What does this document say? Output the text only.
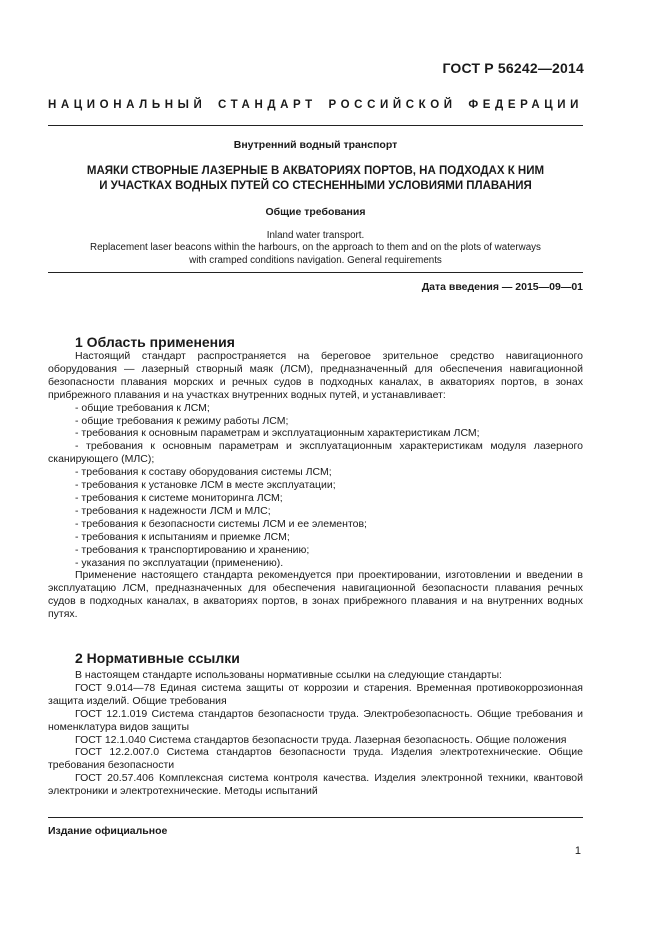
ГОСТ Р 56242—2014
НАЦИОНАЛЬНЫЙ СТАНДАРТ РОССИЙСКОЙ ФЕДЕРАЦИИ
Внутренний водный транспорт
МАЯКИ СТВОРНЫЕ ЛАЗЕРНЫЕ В АКВАТОРИЯХ ПОРТОВ, НА ПОДХОДАХ К НИМ
И УЧАСТКАХ ВОДНЫХ ПУТЕЙ СО СТЕСНЕННЫМИ УСЛОВИЯМИ ПЛАВАНИЯ
Общие требования
Inland water transport.
Replacement laser beacons within the harbours, on the approach to them and on the plots of waterways
with cramped conditions navigation. General requirements
Дата введения — 2015—09—01
1 Область применения

Настоящий стандарт распространяется на береговое зрительное средство навигационного оборудования — лазерный створный маяк (ЛСМ), предназначенный для обеспечения навигационной безопасности плавания морских и речных судов в подходных каналах, в акваториях портов, в зонах прибрежного плавания и на участках внутренних водных путей, и устанавливает:

- общие требования к ЛСМ;

- общие требования к режиму работы ЛСМ;

- требования к основным параметрам и эксплуатационным характеристикам ЛСМ;

- требования к основным параметрам и эксплуатационным характеристикам модуля лазерного сканирующего (МЛС);

- требования к составу оборудования системы ЛСМ;

- требования к установке ЛСМ в месте эксплуатации;

- требования к системе мониторинга ЛСМ;

- требования к надежности ЛСМ и МЛС;

- требования к безопасности системы ЛСМ и ее элементов;

- требования к испытаниям и приемке ЛСМ;

- требования к транспортированию и хранению;

- указания по эксплуатации (применению).

Применение настоящего стандарта рекомендуется при проектировании, изготовлении и введении в эксплуатацию ЛСМ, предназначенных для обеспечения навигационной безопасности плавания речных судов в подходных каналах, в акваториях портов, в зонах прибрежного плавания и на внутренних водных путях.

2 Нормативные ссылки

В настоящем стандарте использованы нормативные ссылки на следующие стандарты:

ГОСТ 9.014—78 Единая система защиты от коррозии и старения. Временная противокоррозионная защита изделий. Общие требования

ГОСТ 12.1.019 Система стандартов безопасности труда. Электробезопасность. Общие требования и номенклатура видов защиты

ГОСТ 12.1.040 Система стандартов безопасности труда. Лазерная безопасность. Общие положения

ГОСТ 12.2.007.0 Система стандартов безопасности труда. Изделия электротехнические. Общие требования безопасности

ГОСТ 20.57.406 Комплексная система контроля качества. Изделия электронной техники, квантовой электроники и электротехнические. Методы испытаний

Издание официальное
1
